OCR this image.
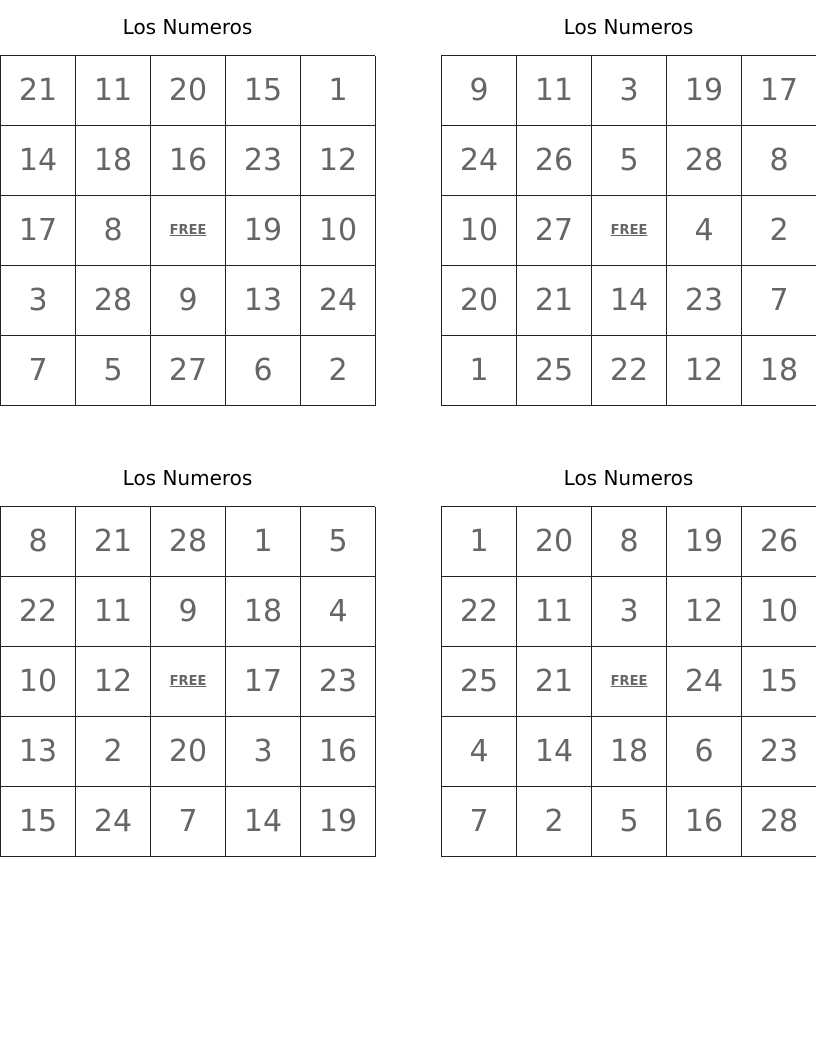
Los Numeros
21	11	20	15	1
14	18	16	23	12
17	8	FREE	19	10
3	28	9	13	24
7	5	27	6	2
Los Numeros
9	11	3	19	17
24	26	5	28	8
10	27	FREE	4	2
20	21	14	23	7
1	25	22	12	18
Los Numeros
8	21	28	1	5
22	11	9	18	4
10	12	FREE	17	23
13	2	20	3	16
15	24	7	14	19
Los Numeros
1	20	8	19	26
22	11	3	12	10
25	21	FREE	24	15
4	14	18	6	23
7	2	5	16	28
